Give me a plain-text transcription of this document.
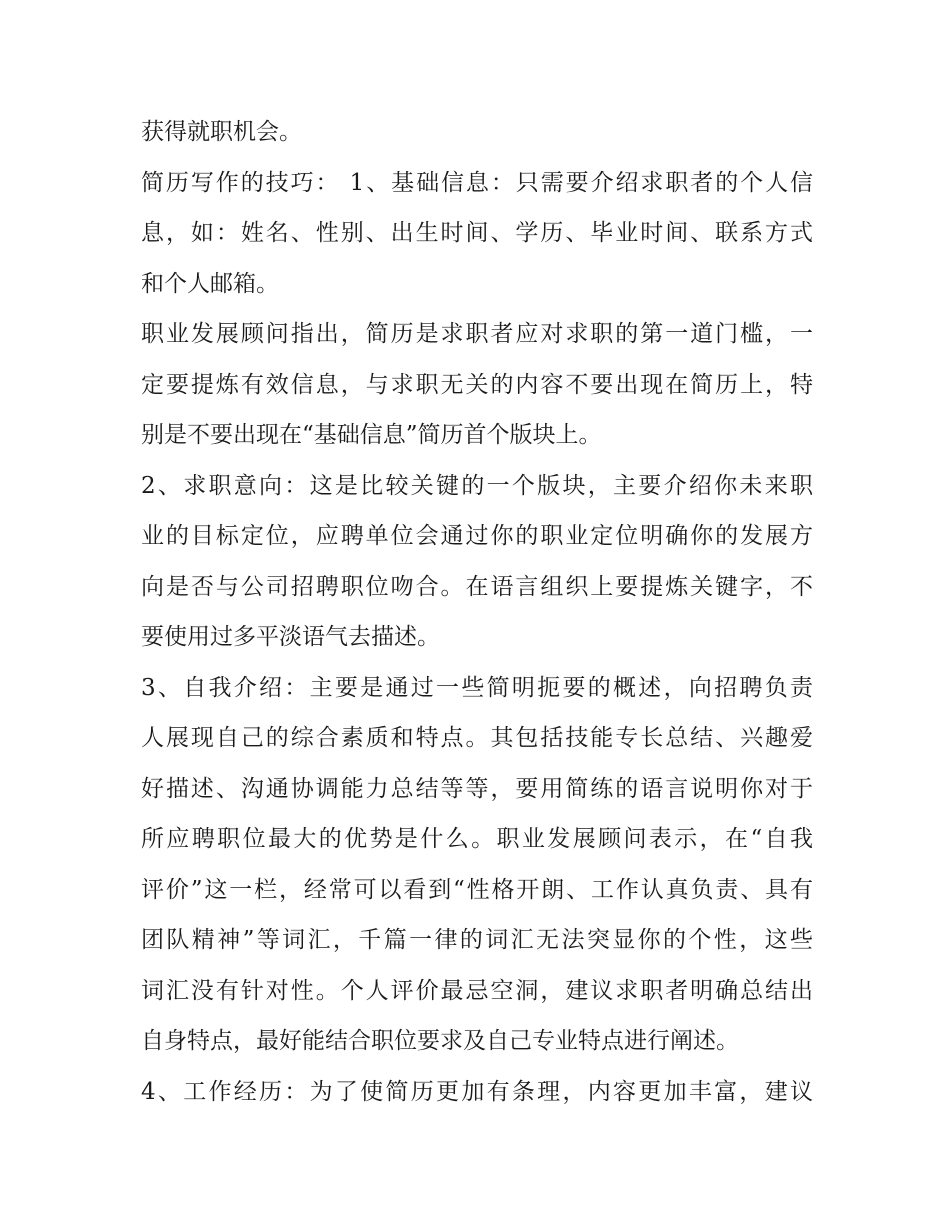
获得就职机会。
简历写作的技巧： 1、基础信息：只需要介绍求职者的个人信
息，如：姓名、性别、出生时间、学历、毕业时间、联系方式
和个人邮箱。
职业发展顾问指出，简历是求职者应对求职的第一道门槛，一
定要提炼有效信息，与求职无关的内容不要出现在简历上，特
别是不要出现在“基础信息”简历首个版块上。
2、求职意向：这是比较关键的一个版块，主要介绍你未来职
业的目标定位，应聘单位会通过你的职业定位明确你的发展方
向是否与公司招聘职位吻合。在语言组织上要提炼关键字，不
要使用过多平淡语气去描述。
3、自我介绍：主要是通过一些简明扼要的概述，向招聘负责
人展现自己的综合素质和特点。其包括技能专长总结、兴趣爱
好描述、沟通协调能力总结等等，要用简练的语言说明你对于
所应聘职位最大的优势是什么。职业发展顾问表示，在“自我
评价”这一栏，经常可以看到“性格开朗、工作认真负责、具有
团队精神”等词汇，千篇一律的词汇无法突显你的个性，这些
词汇没有针对性。个人评价最忌空洞，建议求职者明确总结出
自身特点，最好能结合职位要求及自己专业特点进行阐述。
4、工作经历：为了使简历更加有条理，内容更加丰富，建议
